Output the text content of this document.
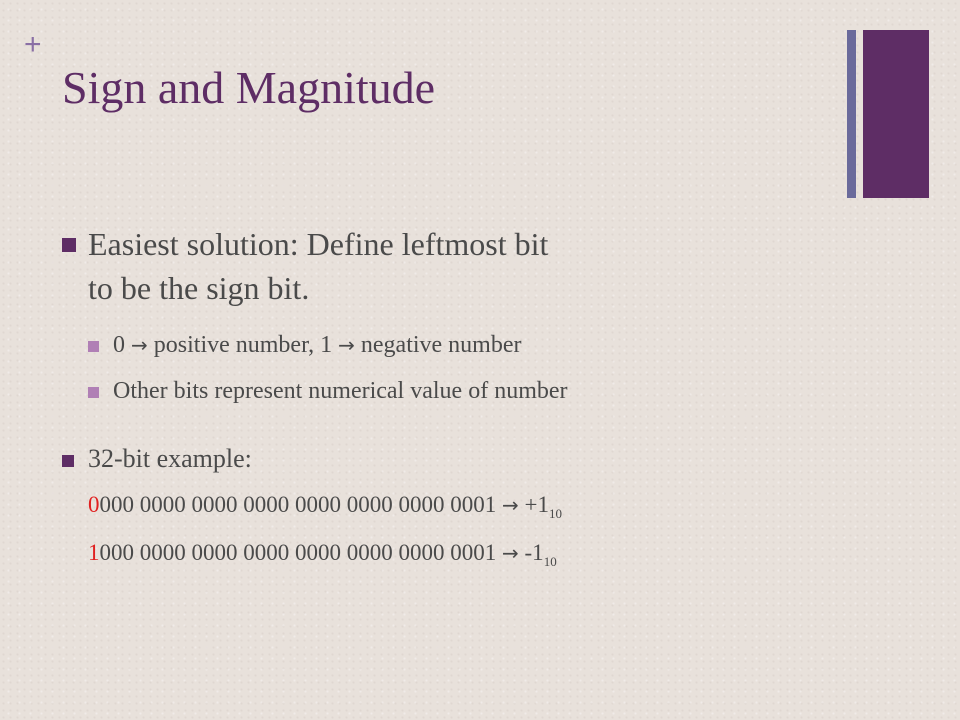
+
Sign and Magnitude
Easiest solution: Define leftmost bit
to be the sign bit.
0 → positive number, 1 → negative number
Other bits represent numerical value of number
32-bit example:
0000 0000 0000 0000 0000 0000 0000 $0001 \to +1_{10}$
1000 0000 0000 0000 0000 0000 0000 $0001 \to -1_{10}$
